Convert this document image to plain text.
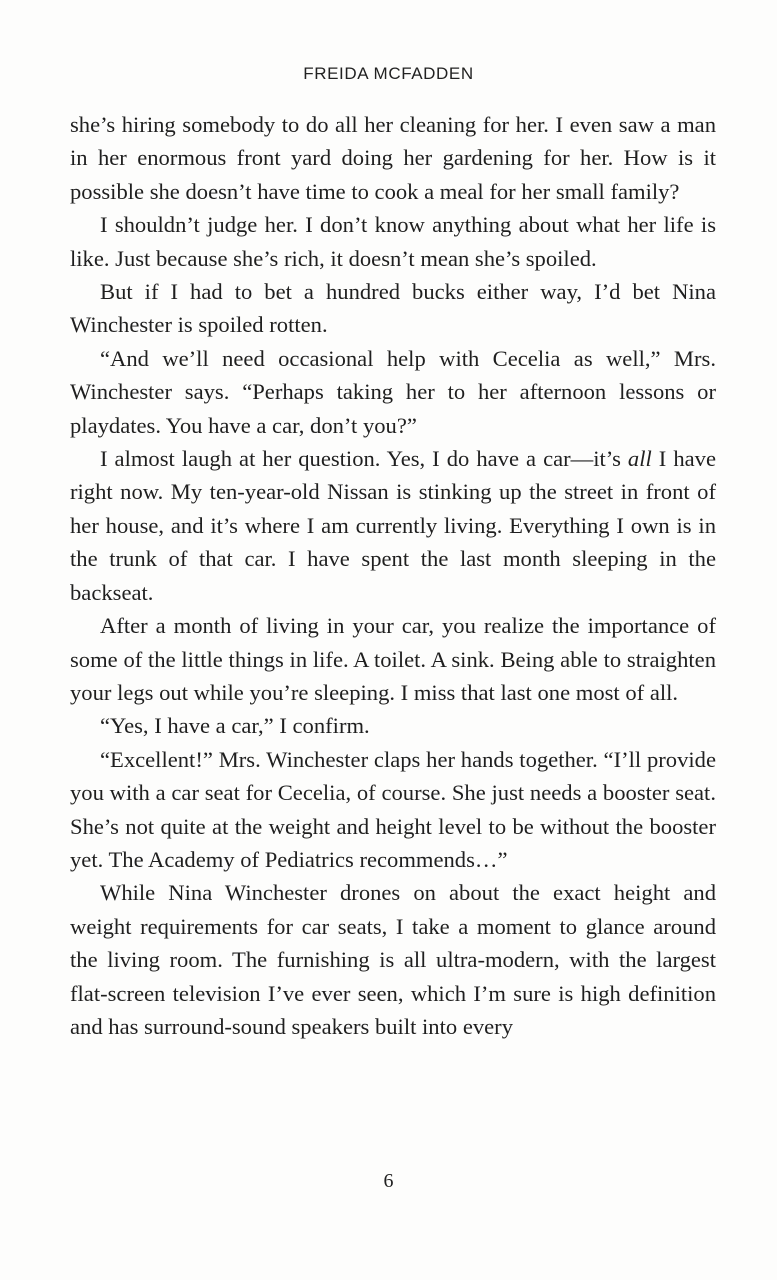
FREIDA MCFADDEN

she’s hiring somebody to do all her cleaning for her. I even saw a man in her enormous front yard doing her gardening for her. How is it possible she doesn’t have time to cook a meal for her small family?

I shouldn’t judge her. I don’t know anything about what her life is like. Just because she’s rich, it doesn’t mean she’s spoiled.

But if I had to bet a hundred bucks either way, I’d bet Nina Winchester is spoiled rotten.

“And we’ll need occasional help with Cecelia as well,” Mrs. Winchester says. “Perhaps taking her to her afternoon lessons or playdates. You have a car, don’t you?”

I almost laugh at her question. Yes, I do have a car—it’s all I have right now. My ten-year-old Nissan is stinking up the street in front of her house, and it’s where I am currently living. Everything I own is in the trunk of that car. I have spent the last month sleeping in the backseat.

After a month of living in your car, you realize the importance of some of the little things in life. A toilet. A sink. Being able to straighten your legs out while you’re sleeping. I miss that last one most of all.

“Yes, I have a car,” I confirm.

“Excellent!” Mrs. Winchester claps her hands together. “I’ll provide you with a car seat for Cecelia, of course. She just needs a booster seat. She’s not quite at the weight and height level to be without the booster yet. The Academy of Pediatrics recommends…”

While Nina Winchester drones on about the exact height and weight requirements for car seats, I take a moment to glance around the living room. The furnishing is all ultra-modern, with the largest flat-screen television I’ve ever seen, which I’m sure is high definition and has surround-sound speakers built into every

6
